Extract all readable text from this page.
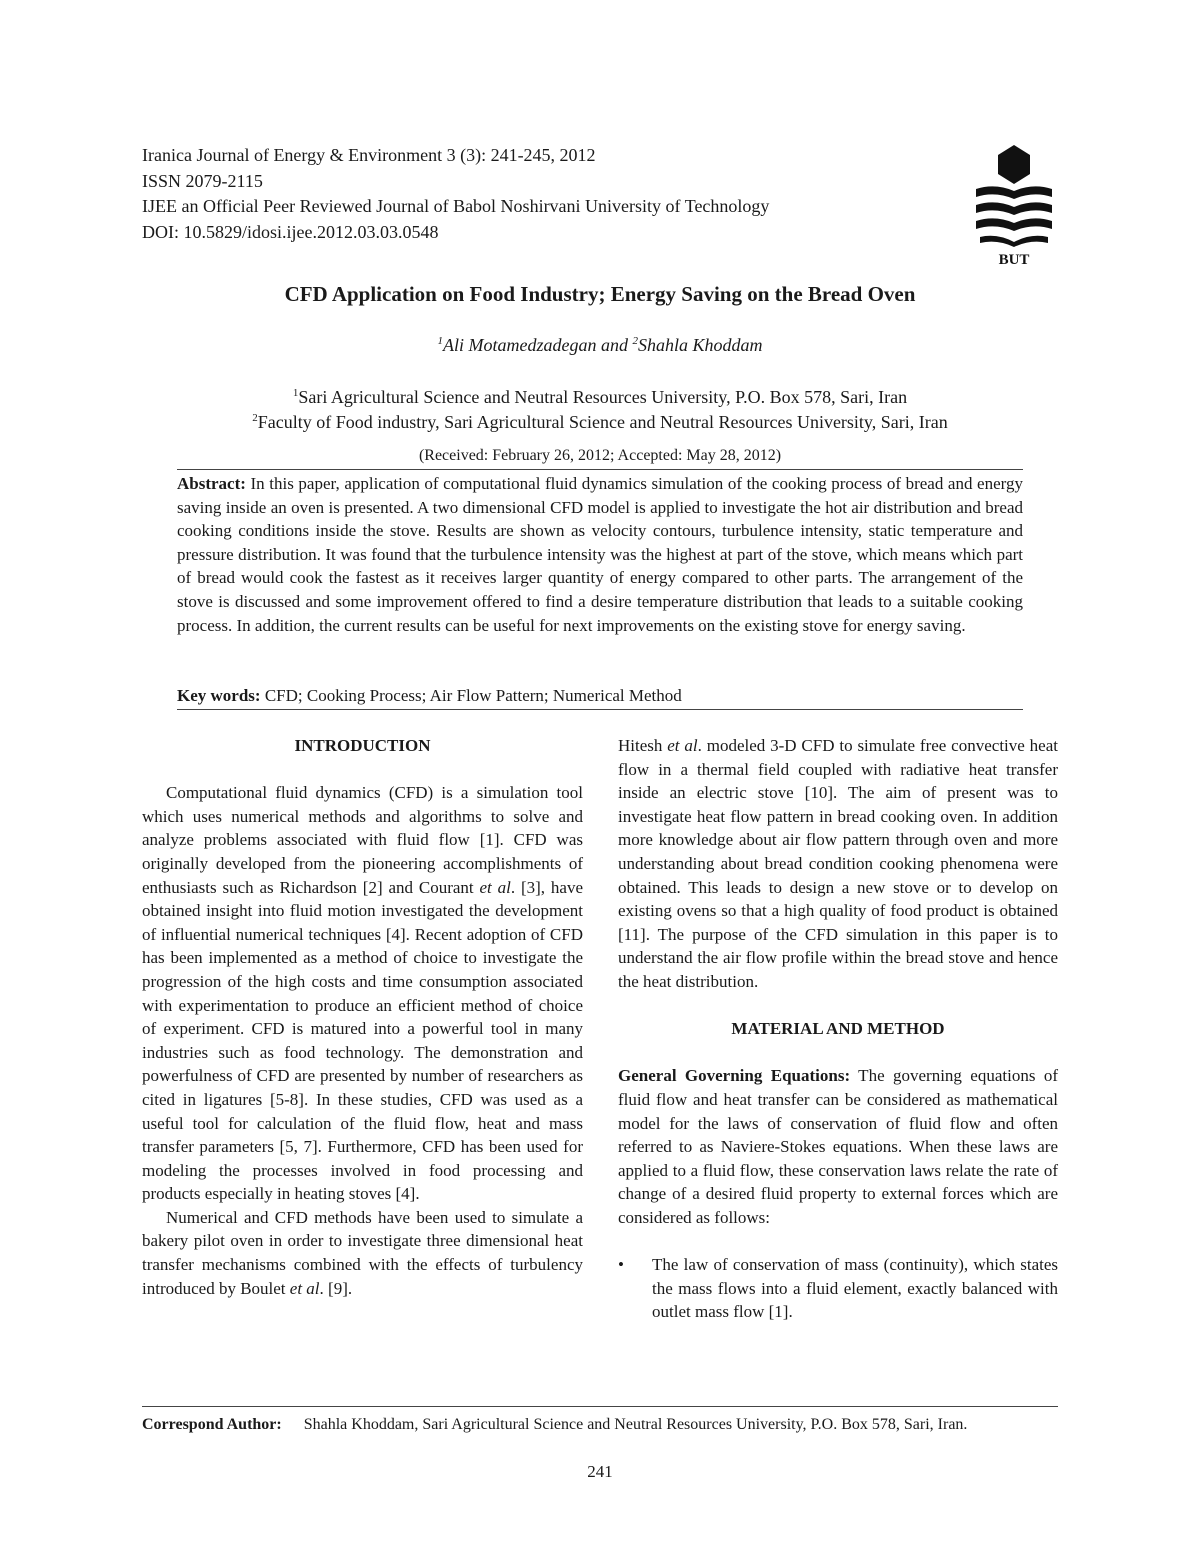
Iranica Journal of Energy & Environment 3 (3): 241-245, 2012
ISSN 2079-2115
IJEE an Official Peer Reviewed Journal of Babol Noshirvani University of Technology
DOI: 10.5829/idosi.ijee.2012.03.03.0548
BUT
CFD Application on Food Industry; Energy Saving on the Bread Oven
$^1$Ali Motamedzadegan and $^2$Shahla Khoddam
$^1$Sari Agricultural Science and Neutral Resources University, P.O. Box 578, Sari, Iran
$^2$Faculty of Food industry, Sari Agricultural Science and Neutral Resources University, Sari, Iran
(Received: February 26, 2012; Accepted: May 28, 2012)
Abstract: In this paper, application of computational fluid dynamics simulation of the cooking process of bread and energy saving inside an oven is presented. A two dimensional CFD model is applied to investigate the hot air distribution and bread cooking conditions inside the stove. Results are shown as velocity contours, turbulence intensity, static temperature and pressure distribution. It was found that the turbulence intensity was the highest at part of the stove, which means which part of bread would cook the fastest as it receives larger quantity of energy compared to other parts. The arrangement of the stove is discussed and some improvement offered to find a desire temperature distribution that leads to a suitable cooking process. In addition, the current results can be useful for next improvements on the existing stove for energy saving.
Key words: CFD; Cooking Process; Air Flow Pattern; Numerical Method

INTRODUCTION

Computational fluid dynamics (CFD) is a simulation tool which uses numerical methods and algorithms to solve and analyze problems associated with fluid flow [1]. CFD was originally developed from the pioneering accomplishments of enthusiasts such as Richardson [2] and Courant et al. [3], have obtained insight into fluid motion investigated the development of influential numerical techniques [4]. Recent adoption of CFD has been implemented as a method of choice to investigate the progression of the high costs and time consumption associated with experimentation to produce an efficient method of choice of experiment. CFD is matured into a powerful tool in many industries such as food technology. The demonstration and powerfulness of CFD are presented by number of researchers as cited in ligatures [5-8]. In these studies, CFD was used as a useful tool for calculation of the fluid flow, heat and mass transfer parameters [5, 7]. Furthermore, CFD has been used for modeling the processes involved in food processing and products especially in heating stoves [4].

Numerical and CFD methods have been used to simulate a bakery pilot oven in order to investigate three dimensional heat transfer mechanisms combined with the effects of turbulency introduced by Boulet et al. [9].

Hitesh et al. modeled 3-D CFD to simulate free convective heat flow in a thermal field coupled with radiative heat transfer inside an electric stove [10]. The aim of present was to investigate heat flow pattern in bread cooking oven. In addition more knowledge about air flow pattern through oven and more understanding about bread condition cooking phenomena were obtained. This leads to design a new stove or to develop on existing ovens so that a high quality of food product is obtained [11]. The purpose of the CFD simulation in this paper is to understand the air flow profile within the bread stove and hence the heat distribution.

MATERIAL AND METHOD

General Governing Equations: The governing equations of fluid flow and heat transfer can be considered as mathematical model for the laws of conservation of fluid flow and often referred to as Naviere-Stokes equations. When these laws are applied to a fluid flow, these conservation laws relate the rate of change of a desired fluid property to external forces which are considered as follows:

•	The law of conservation of mass (continuity), which states the mass flows into a fluid element, exactly balanced with outlet mass flow [1].
Correspond Author: Shahla Khoddam, Sari Agricultural Science and Neutral Resources University, P.O. Box 578, Sari, Iran.
241
